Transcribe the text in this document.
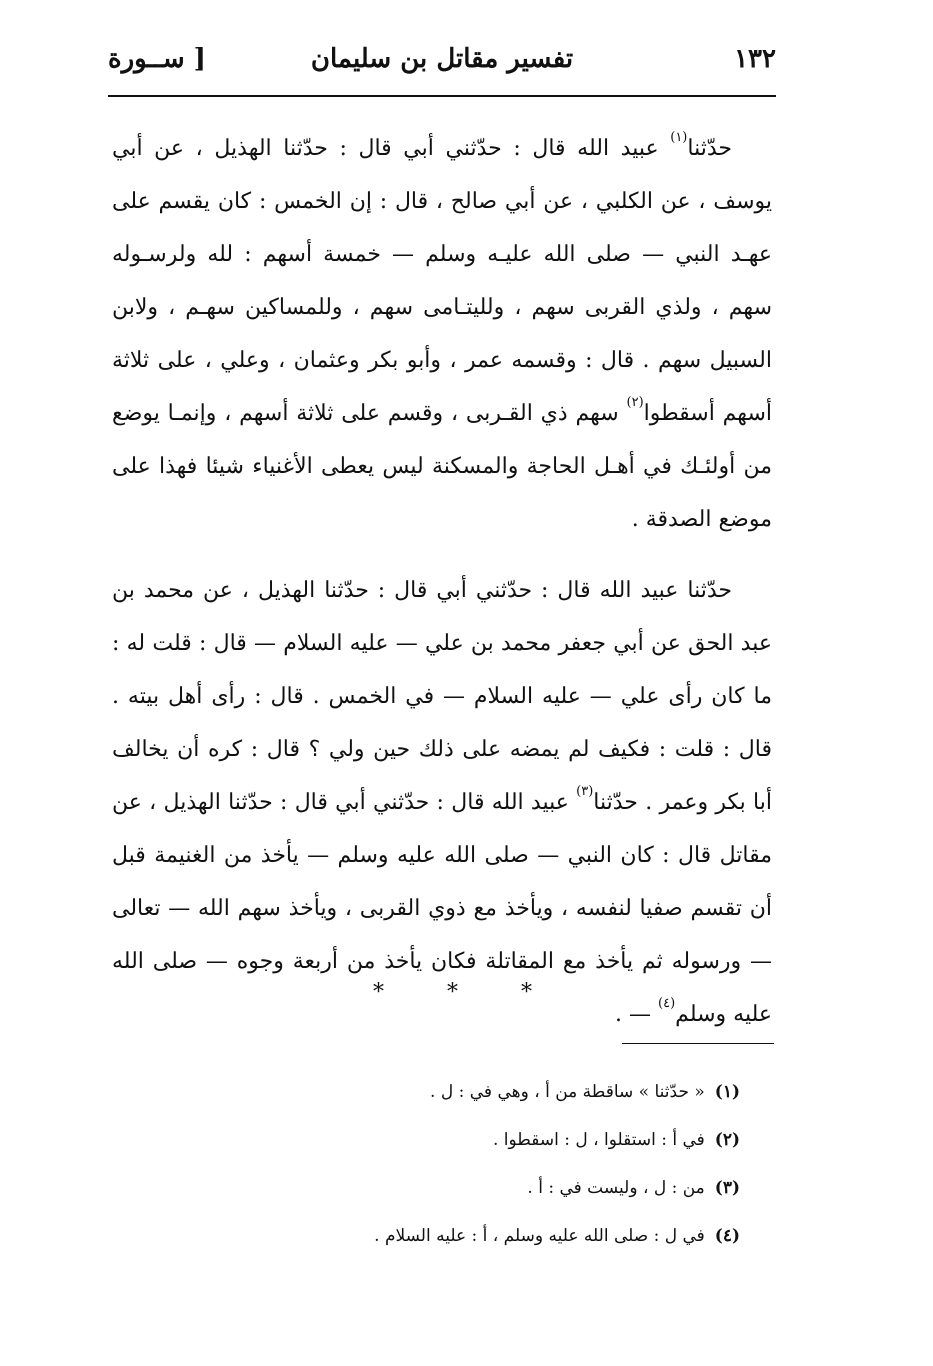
١٣٢
تفسير مقاتل بن سليمان
[ ســورة

حدّثنا$^{(١)}$ عبيد الله قال : حدّثني أبي قال : حدّثنا الهذيل ، عن أبي يوسف ، عن الكلبي ، عن أبي صالح ، قال : إن الخمس : كان يقسم على عهـد النبي — صلى الله عليـه وسلم — خمسة أسهم : لله ولرسـوله سهم ، ولذي القربى سهم ، ولليتـامى سهم ، وللمساكين سهـم ، ولابن السبيل سهم . قال : وقسمه عمر ، وأبو بكر وعثمان ، وعلي ، على ثلاثة أسهم أسقطوا$^{(٢)}$ سهم ذي القـربى ، وقسم على ثلاثة أسهم ، وإنمـا يوضع من أولئـك في أهـل الحاجة والمسكنة ليس يعطى الأغنياء شيئا فهذا على موضع الصدقة .

حدّثنا عبيد الله قال : حدّثني أبي قال : حدّثنا الهذيل ، عن محمد بن عبد الحق عن أبي جعفر محمد بن علي — عليه السلام — قال : قلت له : ما كان رأى علي — عليه السلام — في الخمس . قال : رأى أهل بيته . قال : قلت : فكيف لم يمضه على ذلك حين ولي ؟ قال : كره أن يخالف أبا بكر وعمر . حدّثنا$^{(٣)}$ عبيد الله قال : حدّثني أبي قال : حدّثنا الهذيل ، عن مقاتل قال : كان النبي — صلى الله عليه وسلم — يأخذ من الغنيمة قبل أن تقسم صفيا لنفسه ، ويأخذ مع ذوي القربى ، ويأخذ سهم الله — تعالى — ورسوله ثم يأخذ مع المقاتلة فكان يأخذ من أربعة وجوه — صلى الله عليه وسلم$^{(٤)}$ — .

* * *

(١)« حدّثنا » ساقطة من أ ، وهي في : ل .

(٢)في أ : استقلوا ، ل : اسقطوا .

(٣)من : ل ، وليست في : أ .

(٤)في ل : صلى الله عليه وسلم ، أ : عليه السلام .
